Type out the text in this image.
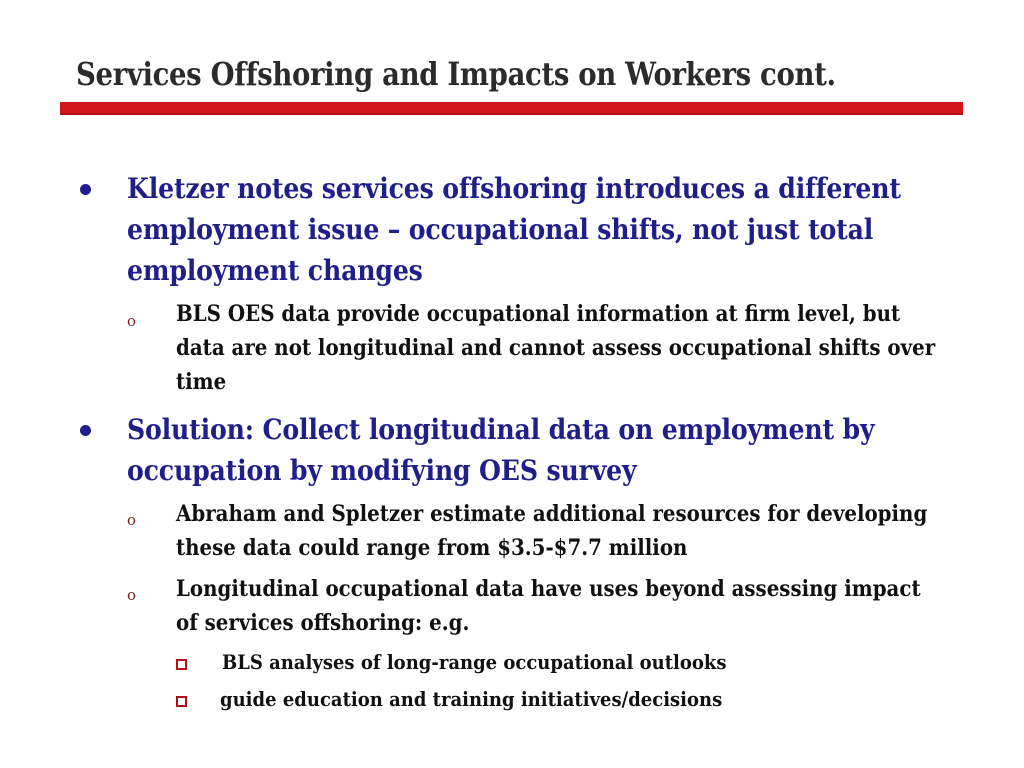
Services Offshoring and Impacts on Workers cont.
Kletzer notes services offshoring introduces a different employment issue – occupational shifts, not just total employment changes
o BLS OES data provide occupational information at firm level, but data are not longitudinal and cannot assess occupational shifts over time
Solution: Collect longitudinal data on employment by occupation by modifying OES survey
o Abraham and Spletzer estimate additional resources for developing these data could range from $3.5-$7.7 million
o Longitudinal occupational data have uses beyond assessing impact of services offshoring: e.g.
BLS analyses of long-range occupational outlooks
guide education and training initiatives/decisions
